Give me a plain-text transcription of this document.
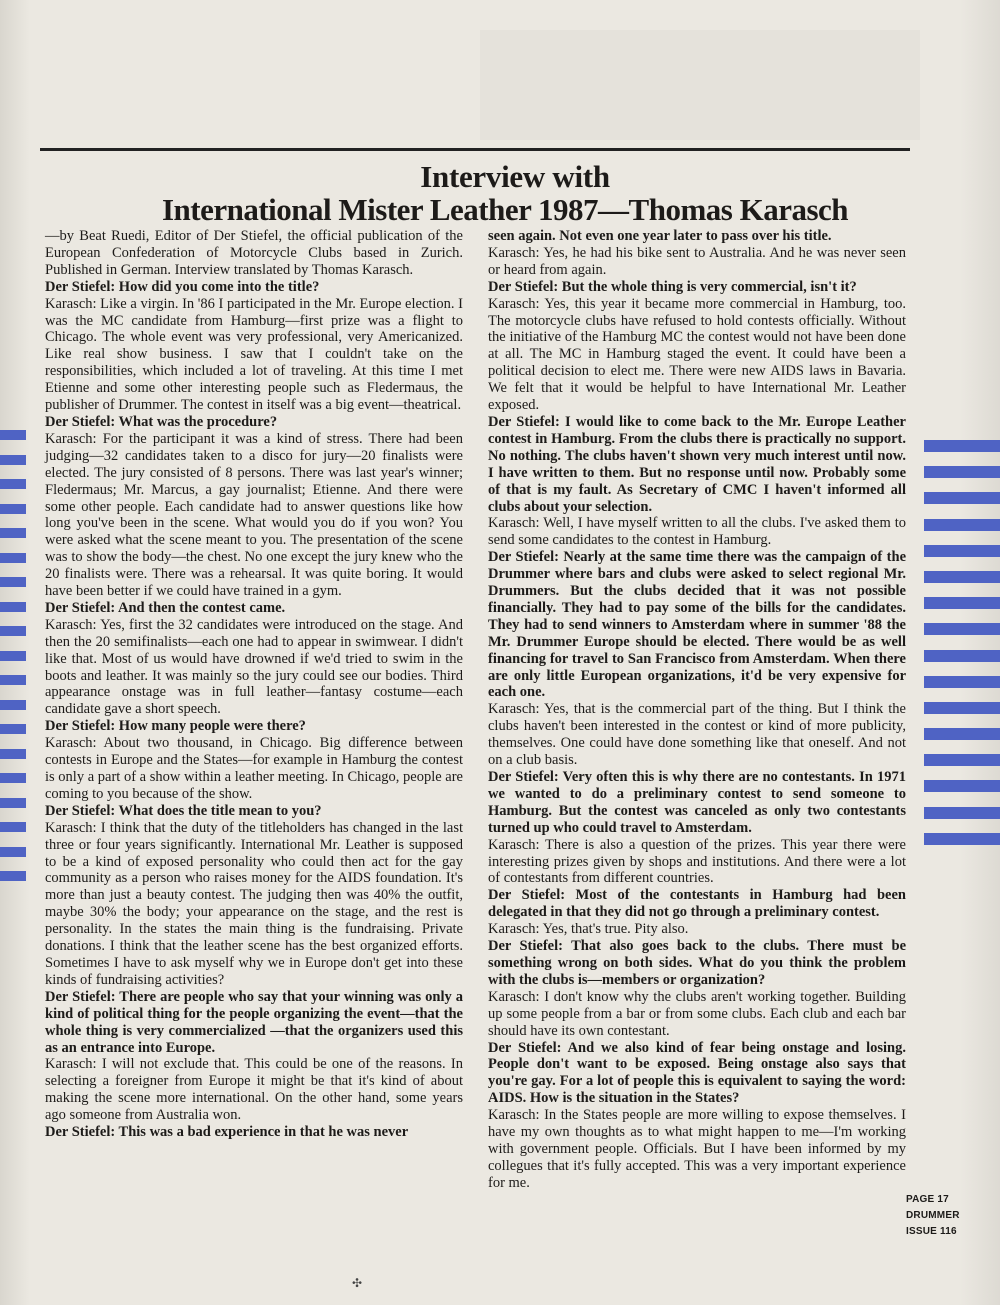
Interview with
International Mister Leather 1987—Thomas Karasch

—by Beat Ruedi, Editor of Der Stiefel, the official publication of the European Confederation of Motorcycle Clubs based in Zurich. Published in German. Interview translated by Thomas Karasch.

Der Stiefel: How did you come into the title?

Karasch: Like a virgin. In '86 I participated in the Mr. Europe election. I was the MC candidate from Hamburg—first prize was a flight to Chicago. The whole event was very professional, very Americanized. Like real show business. I saw that I couldn't take on the responsibilities, which included a lot of traveling. At this time I met Etienne and some other interesting people such as Fledermaus, the publisher of Drummer. The contest in itself was a big event—theatrical.

Der Stiefel: What was the procedure?

Karasch: For the participant it was a kind of stress. There had been judging—32 candidates taken to a disco for jury—20 finalists were elected. The jury consisted of 8 persons. There was last year's winner; Fledermaus; Mr. Marcus, a gay journalist; Etienne. And there were some other people. Each candidate had to answer questions like how long you've been in the scene. What would you do if you won? You were asked what the scene meant to you. The presentation of the scene was to show the body—the chest. No one except the jury knew who the 20 finalists were. There was a rehearsal. It was quite boring. It would have been better if we could have trained in a gym.

Der Stiefel: And then the contest came.

Karasch: Yes, first the 32 candidates were introduced on the stage. And then the 20 semifinalists—each one had to appear in swimwear. I didn't like that. Most of us would have drowned if we'd tried to swim in the boots and leather. It was mainly so the jury could see our bodies. Third appearance onstage was in full leather—fantasy costume—each candidate gave a short speech.

Der Stiefel: How many people were there?

Karasch: About two thousand, in Chicago. Big difference between contests in Europe and the States—for example in Hamburg the contest is only a part of a show within a leather meeting. In Chicago, people are coming to you because of the show.

Der Stiefel: What does the title mean to you?

Karasch: I think that the duty of the titleholders has changed in the last three or four years significantly. International Mr. Leather is supposed to be a kind of exposed personality who could then act for the gay community as a person who raises money for the AIDS foundation. It's more than just a beauty contest. The judging then was 40% the outfit, maybe 30% the body; your appearance on the stage, and the rest is personality. In the states the main thing is the fundraising. Private donations. I think that the leather scene has the best organized efforts. Sometimes I have to ask myself why we in Europe don't get into these kinds of fundraising activities?

Der Stiefel: There are people who say that your winning was only a kind of political thing for the people organizing the event—that the whole thing is very commercialized —that the organizers used this as an entrance into Europe.

Karasch: I will not exclude that. This could be one of the reasons. In selecting a foreigner from Europe it might be that it's kind of about making the scene more international. On the other hand, some years ago someone from Australia won.

Der Stiefel: This was a bad experience in that he was never

seen again. Not even one year later to pass over his title.

Karasch: Yes, he had his bike sent to Australia. And he was never seen or heard from again.

Der Stiefel: But the whole thing is very commercial, isn't it?

Karasch: Yes, this year it became more commercial in Hamburg, too. The motorcycle clubs have refused to hold contests officially. Without the initiative of the Hamburg MC the contest would not have been done at all. The MC in Hamburg staged the event. It could have been a political decision to elect me. There were new AIDS laws in Bavaria. We felt that it would be helpful to have International Mr. Leather exposed.

Der Stiefel: I would like to come back to the Mr. Europe Leather contest in Hamburg. From the clubs there is practically no support. No nothing. The clubs haven't shown very much interest until now. I have written to them. But no response until now. Probably some of that is my fault. As Secretary of CMC I haven't informed all clubs about your selection.

Karasch: Well, I have myself written to all the clubs. I've asked them to send some candidates to the contest in Hamburg.

Der Stiefel: Nearly at the same time there was the campaign of the Drummer where bars and clubs were asked to select regional Mr. Drummers. But the clubs decided that it was not possible financially. They had to pay some of the bills for the candidates. They had to send winners to Amsterdam where in summer '88 the Mr. Drummer Europe should be elected. There would be as well financing for travel to San Francisco from Amsterdam. When there are only little European organizations, it'd be very expensive for each one.

Karasch: Yes, that is the commercial part of the thing. But I think the clubs haven't been interested in the contest or kind of more publicity, themselves. One could have done something like that oneself. And not on a club basis.

Der Stiefel: Very often this is why there are no contestants. In 1971 we wanted to do a preliminary contest to send someone to Hamburg. But the contest was canceled as only two contestants turned up who could travel to Amsterdam.

Karasch: There is also a question of the prizes. This year there were interesting prizes given by shops and institutions. And there were a lot of contestants from different countries.

Der Stiefel: Most of the contestants in Hamburg had been delegated in that they did not go through a preliminary contest.

Karasch: Yes, that's true. Pity also.

Der Stiefel: That also goes back to the clubs. There must be something wrong on both sides. What do you think the problem with the clubs is—members or organization?

Karasch: I don't know why the clubs aren't working together. Building up some people from a bar or from some clubs. Each club and each bar should have its own contestant.

Der Stiefel: And we also kind of fear being onstage and losing. People don't want to be exposed. Being onstage also says that you're gay. For a lot of people this is equivalent to saying the word: AIDS. How is the situation in the States?

Karasch: In the States people are more willing to expose themselves. I have my own thoughts as to what might happen to me—I'm working with government people. Officials. But I have been informed by my collegues that it's fully accepted. This was a very important experience for me.

PAGE 17
DRUMMER
ISSUE 116
✣
